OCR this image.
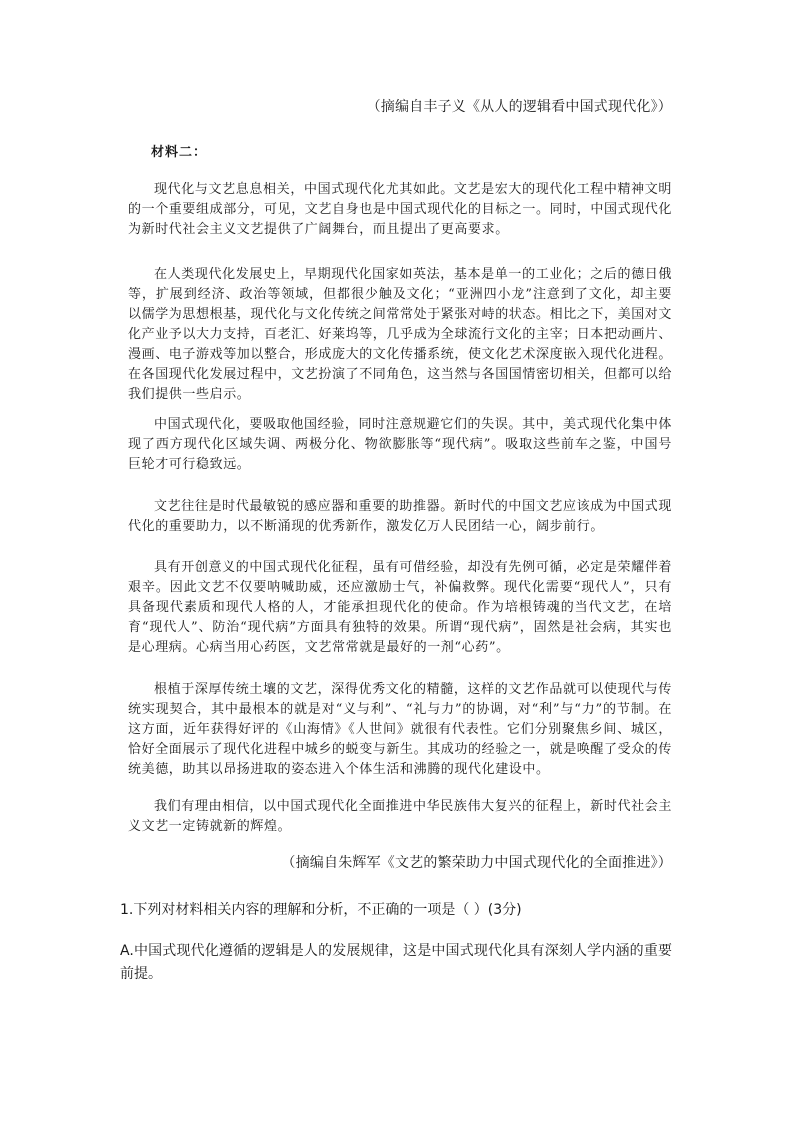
（摘编自丰子义《从人的逻辑看中国式现代化》）
材料二：

现代化与文艺息息相关，中国式现代化尤其如此。文艺是宏大的现代化工程中精神文明的一个重要组成部分，可见，文艺自身也是中国式现代化的目标之一。同时，中国式现代化为新时代社会主义文艺提供了广阔舞台，而且提出了更高要求。

在人类现代化发展史上，早期现代化国家如英法，基本是单一的工业化；之后的德日俄等，扩展到经济、政治等领域，但都很少触及文化；“亚洲四小龙”注意到了文化，却主要以儒学为思想根基，现代化与文化传统之间常常处于紧张对峙的状态。相比之下，美国对文化产业予以大力支持，百老汇、好莱坞等，几乎成为全球流行文化的主宰；日本把动画片、漫画、电子游戏等加以整合，形成庞大的文化传播系统，使文化艺术深度嵌入现代化进程。在各国现代化发展过程中，文艺扮演了不同角色，这当然与各国国情密切相关，但都可以给我们提供一些启示。

中国式现代化，要吸取他国经验，同时注意规避它们的失误。其中，美式现代化集中体现了西方现代化区域失调、两极分化、物欲膨胀等“现代病”。吸取这些前车之鉴，中国号巨轮才可行稳致远。

文艺往往是时代最敏锐的感应器和重要的助推器。新时代的中国文艺应该成为中国式现代化的重要助力，以不断涌现的优秀新作，激发亿万人民团结一心，阔步前行。

具有开创意义的中国式现代化征程，虽有可借经验，却没有先例可循，必定是荣耀伴着艰辛。因此文艺不仅要呐喊助威，还应激励士气，补偏救弊。现代化需要“现代人”，只有具备现代素质和现代人格的人，才能承担现代化的使命。作为培根铸魂的当代文艺，在培育“现代人”、防治“现代病”方面具有独特的效果。所谓“现代病”，固然是社会病，其实也是心理病。心病当用心药医，文艺常常就是最好的一剂“心药”。

根植于深厚传统土壤的文艺，深得优秀文化的精髓，这样的文艺作品就可以使现代与传统实现契合，其中最根本的就是对“义与利”、“礼与力”的协调，对“利”与“力”的节制。在这方面，近年获得好评的《山海情》《人世间》就很有代表性。它们分别聚焦乡间、城区，恰好全面展示了现代化进程中城乡的蜕变与新生。其成功的经验之一，就是唤醒了受众的传统美德，助其以昂扬进取的姿态进入个体生活和沸腾的现代化建设中。

我们有理由相信，以中国式现代化全面推进中华民族伟大复兴的征程上，新时代社会主义文艺一定铸就新的辉煌。

（摘编自朱辉军《文艺的繁荣助力中国式现代化的全面推进》）
1.下列对材料相关内容的理解和分析，不正确的一项是（ ）(3分)

A.中国式现代化遵循的逻辑是人的发展规律，这是中国式现代化具有深刻人学内涵的重要前提。
